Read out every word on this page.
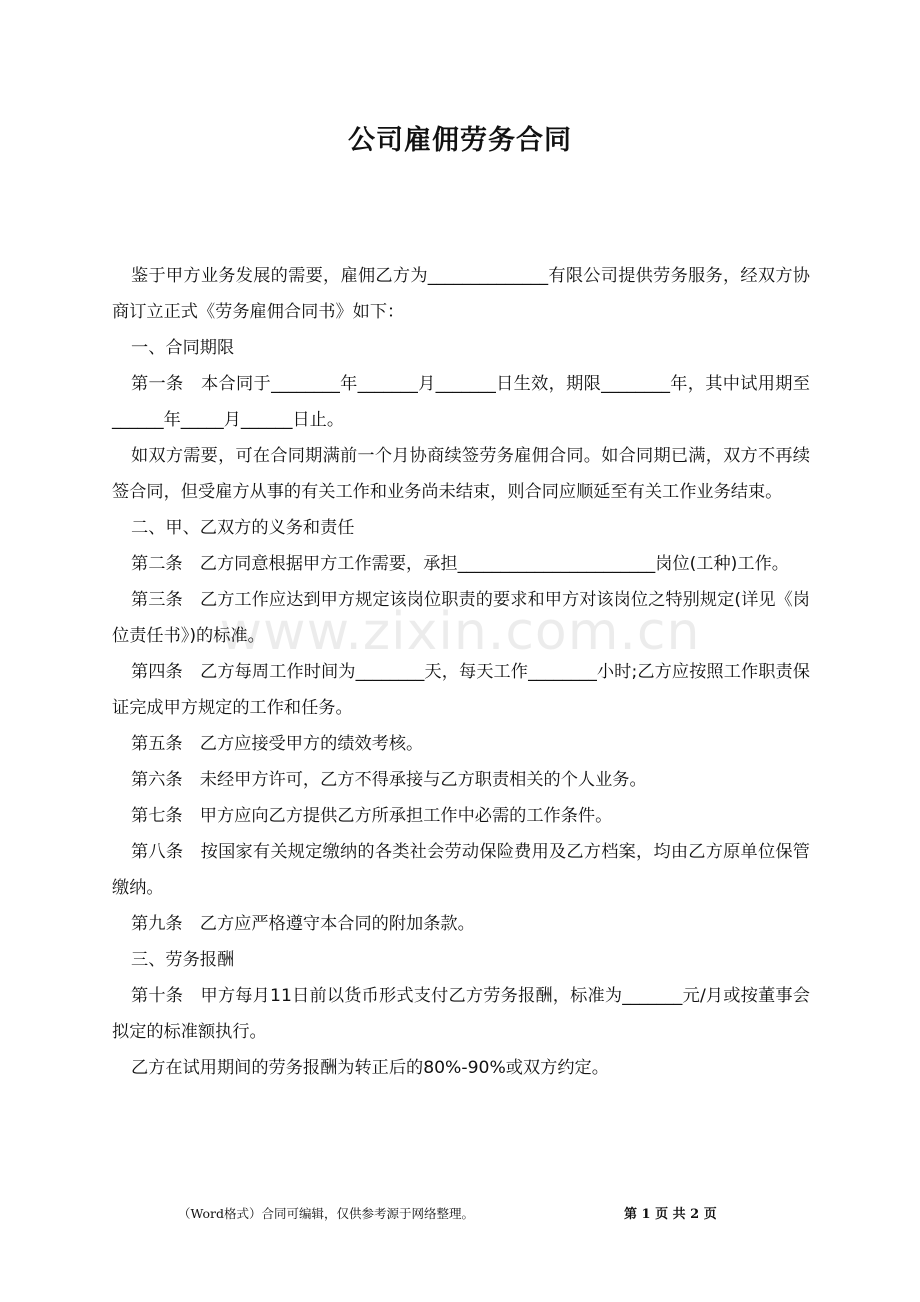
公司雇佣劳务合同

鉴于甲方业务发展的需要，雇佣乙方为______________有限公司提供劳务服务，经双方协商订立正式《劳务雇佣合同书》如下：

一、合同期限

第一条　本合同于________年_______月_______日生效，期限________年，其中试用期至______年_____月______日止。

如双方需要，可在合同期满前一个月协商续签劳务雇佣合同。如合同期已满，双方不再续签合同，但受雇方从事的有关工作和业务尚未结束，则合同应顺延至有关工作业务结束。

二、甲、乙双方的义务和责任

第二条　乙方同意根据甲方工作需要，承担_______________________岗位(工种)工作。

第三条　乙方工作应达到甲方规定该岗位职责的要求和甲方对该岗位之特别规定(详见《岗位责任书》)的标准。

第四条　乙方每周工作时间为________天，每天工作________小时;乙方应按照工作职责保证完成甲方规定的工作和任务。

第五条　乙方应接受甲方的绩效考核。

第六条　未经甲方许可，乙方不得承接与乙方职责相关的个人业务。

第七条　甲方应向乙方提供乙方所承担工作中必需的工作条件。

第八条　按国家有关规定缴纳的各类社会劳动保险费用及乙方档案，均由乙方原单位保管缴纳。

第九条　乙方应严格遵守本合同的附加条款。

三、劳务报酬

第十条　甲方每月11日前以货币形式支付乙方劳务报酬，标准为_______元/月或按董事会拟定的标准额执行。

乙方在试用期间的劳务报酬为转正后的80%-90%或双方约定。

www.zixin.com.cn
（Word格式）合同可编辑，仅供参考源于网络整理。	第 1 页 共 2 页
